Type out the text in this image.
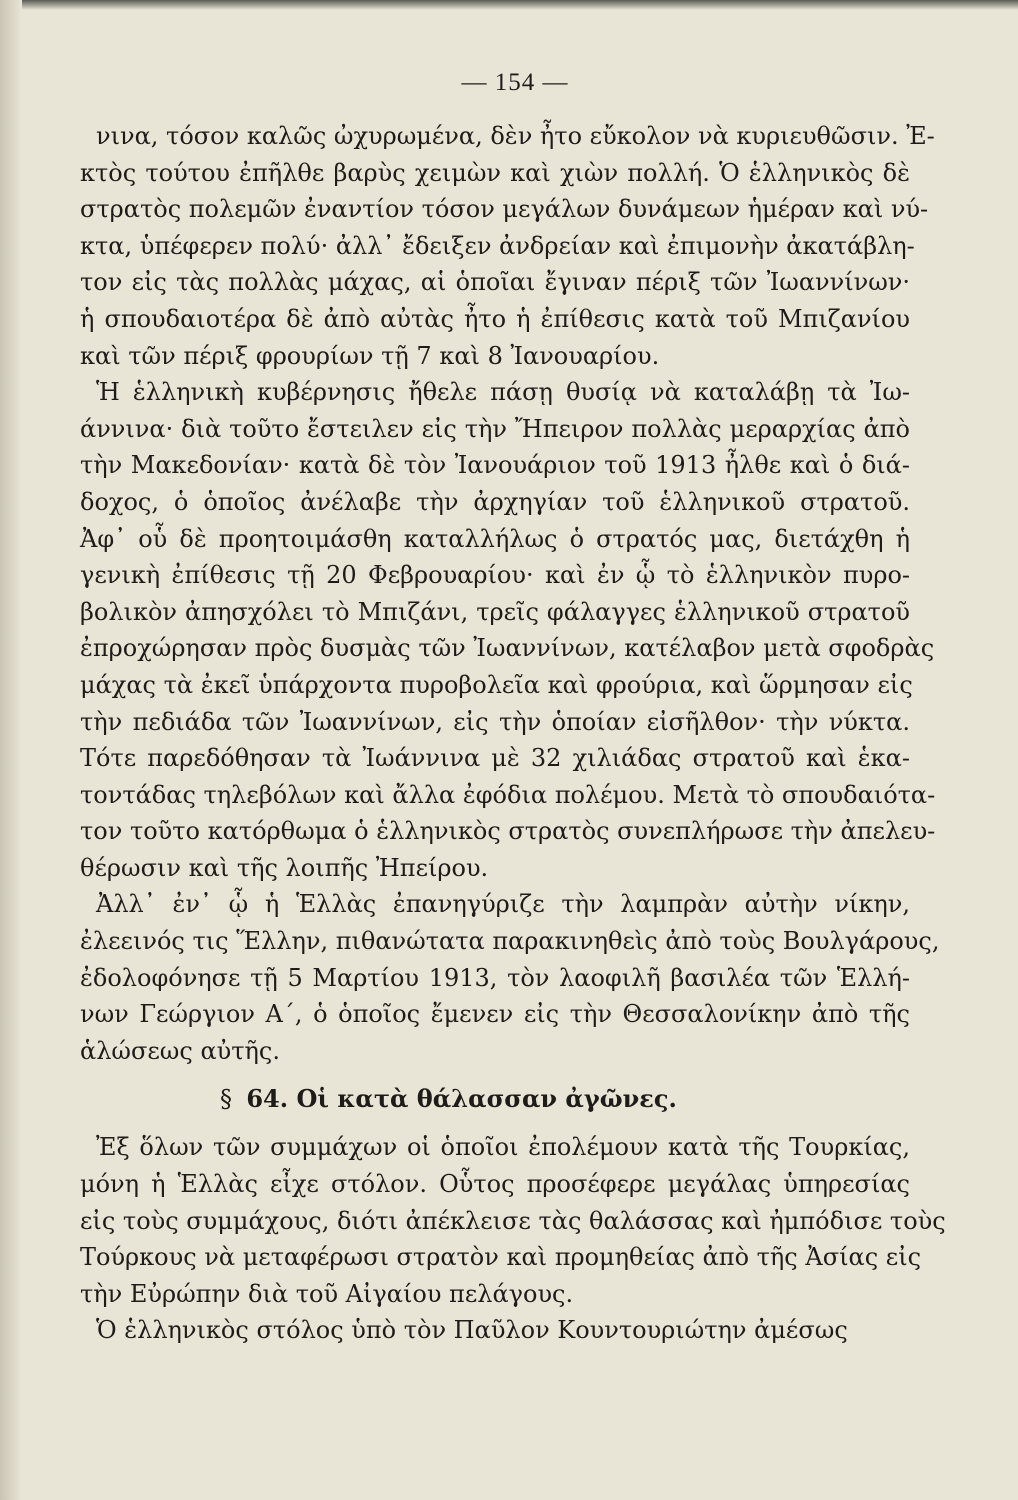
— 154 —
νινα, τόσον καλῶς ὠχυρωμένα, δὲν ἦτο εὔκολον νὰ κυριευθῶσιν. Ἐ-
κτὸς τούτου ἐπῆλθε βαρὺς χειμὼν καὶ χιὼν πολλή. Ὁ ἑλληνικὸς δὲ
στρατὸς πολεμῶν ἐναντίον τόσον μεγάλων δυνάμεων ἡμέραν καὶ νύ-
κτα, ὑπέφερεν πολύ· ἀλλ᾽ ἔδειξεν ἀνδρείαν καὶ ἐπιμονὴν ἀκατάβλη-
τον εἰς τὰς πολλὰς μάχας, αἱ ὁποῖαι ἔγιναν πέριξ τῶν Ἰωαννίνων·
ἡ σπουδαιοτέρα δὲ ἀπὸ αὐτὰς ἦτο ἡ ἐπίθεσις κατὰ τοῦ Μπιζανίου
καὶ τῶν πέριξ φρουρίων τῇ 7 καὶ 8 Ἰανουαρίου.
Ἡ ἑλληνικὴ κυβέρνησις ἤθελε πάσῃ θυσίᾳ νὰ καταλάβῃ τὰ Ἰω-
άννινα· διὰ τοῦτο ἔστειλεν εἰς τὴν Ἤπειρον πολλὰς μεραρχίας ἀπὸ
τὴν Μακεδονίαν· κατὰ δὲ τὸν Ἰανουάριον τοῦ 1913 ἦλθε καὶ ὁ διά-
δοχος, ὁ ὁποῖος ἀνέλαβε τὴν ἀρχηγίαν τοῦ ἑλληνικοῦ στρατοῦ.
Ἀφ᾽ οὗ δὲ προητοιμάσθη καταλλήλως ὁ στρατός μας, διετάχθη ἡ
γενικὴ ἐπίθεσις τῇ 20 Φεβρουαρίου· καὶ ἐν ᾧ τὸ ἑλληνικὸν πυρο-
βολικὸν ἀπησχόλει τὸ Μπιζάνι, τρεῖς φάλαγγες ἑλληνικοῦ στρατοῦ
ἐπροχώρησαν πρὸς δυσμὰς τῶν Ἰωαννίνων, κατέλαβον μετὰ σφοδρὰς
μάχας τὰ ἐκεῖ ὑπάρχοντα πυροβολεῖα καὶ φρούρια, καὶ ὥρμησαν εἰς
τὴν πεδιάδα τῶν Ἰωαννίνων, εἰς τὴν ὁποίαν εἰσῆλθον· τὴν νύκτα.
Τότε παρεδόθησαν τὰ Ἰωάννινα μὲ 32 χιλιάδας στρατοῦ καὶ ἑκα-
τοντάδας τηλεβόλων καὶ ἄλλα ἐφόδια πολέμου. Μετὰ τὸ σπουδαιότα-
τον τοῦτο κατόρθωμα ὁ ἑλληνικὸς στρατὸς συνεπλήρωσε τὴν ἀπελευ-
θέρωσιν καὶ τῆς λοιπῆς Ἠπείρου.
Ἀλλ᾽ ἐν᾽ ᾧ ἡ Ἑλλὰς ἐπανηγύριζε τὴν λαμπρὰν αὐτὴν νίκην,
ἐλεεινός τις Ἕλλην, πιθανώτατα παρακινηθεὶς ἀπὸ τοὺς Βουλγάρους,
ἐδολοφόνησε τῇ 5 Μαρτίου 1913, τὸν λαοφιλῆ βασιλέα τῶν Ἑλλή-
νων Γεώργιον Α΄, ὁ ὁποῖος ἔμενεν εἰς τὴν Θεσσαλονίκην ἀπὸ τῆς
ἁλώσεως αὐτῆς.
§ 64. Οἱ κατὰ θάλασσαν ἀγῶνες.
Ἐξ ὅλων τῶν συμμάχων οἱ ὁποῖοι ἐπολέμουν κατὰ τῆς Τουρκίας,
μόνη ἡ Ἑλλὰς εἶχε στόλον. Οὗτος προσέφερε μεγάλας ὑπηρεσίας
εἰς τοὺς συμμάχους, διότι ἀπέκλεισε τὰς θαλάσσας καὶ ἠμπόδισε τοὺς
Τούρκους νὰ μεταφέρωσι στρατὸν καὶ προμηθείας ἀπὸ τῆς Ἀσίας εἰς
τὴν Εὐρώπην διὰ τοῦ Αἰγαίου πελάγους.
Ὁ ἑλληνικὸς στόλος ὑπὸ τὸν Παῦλον Κουντουριώτην ἀμέσως
